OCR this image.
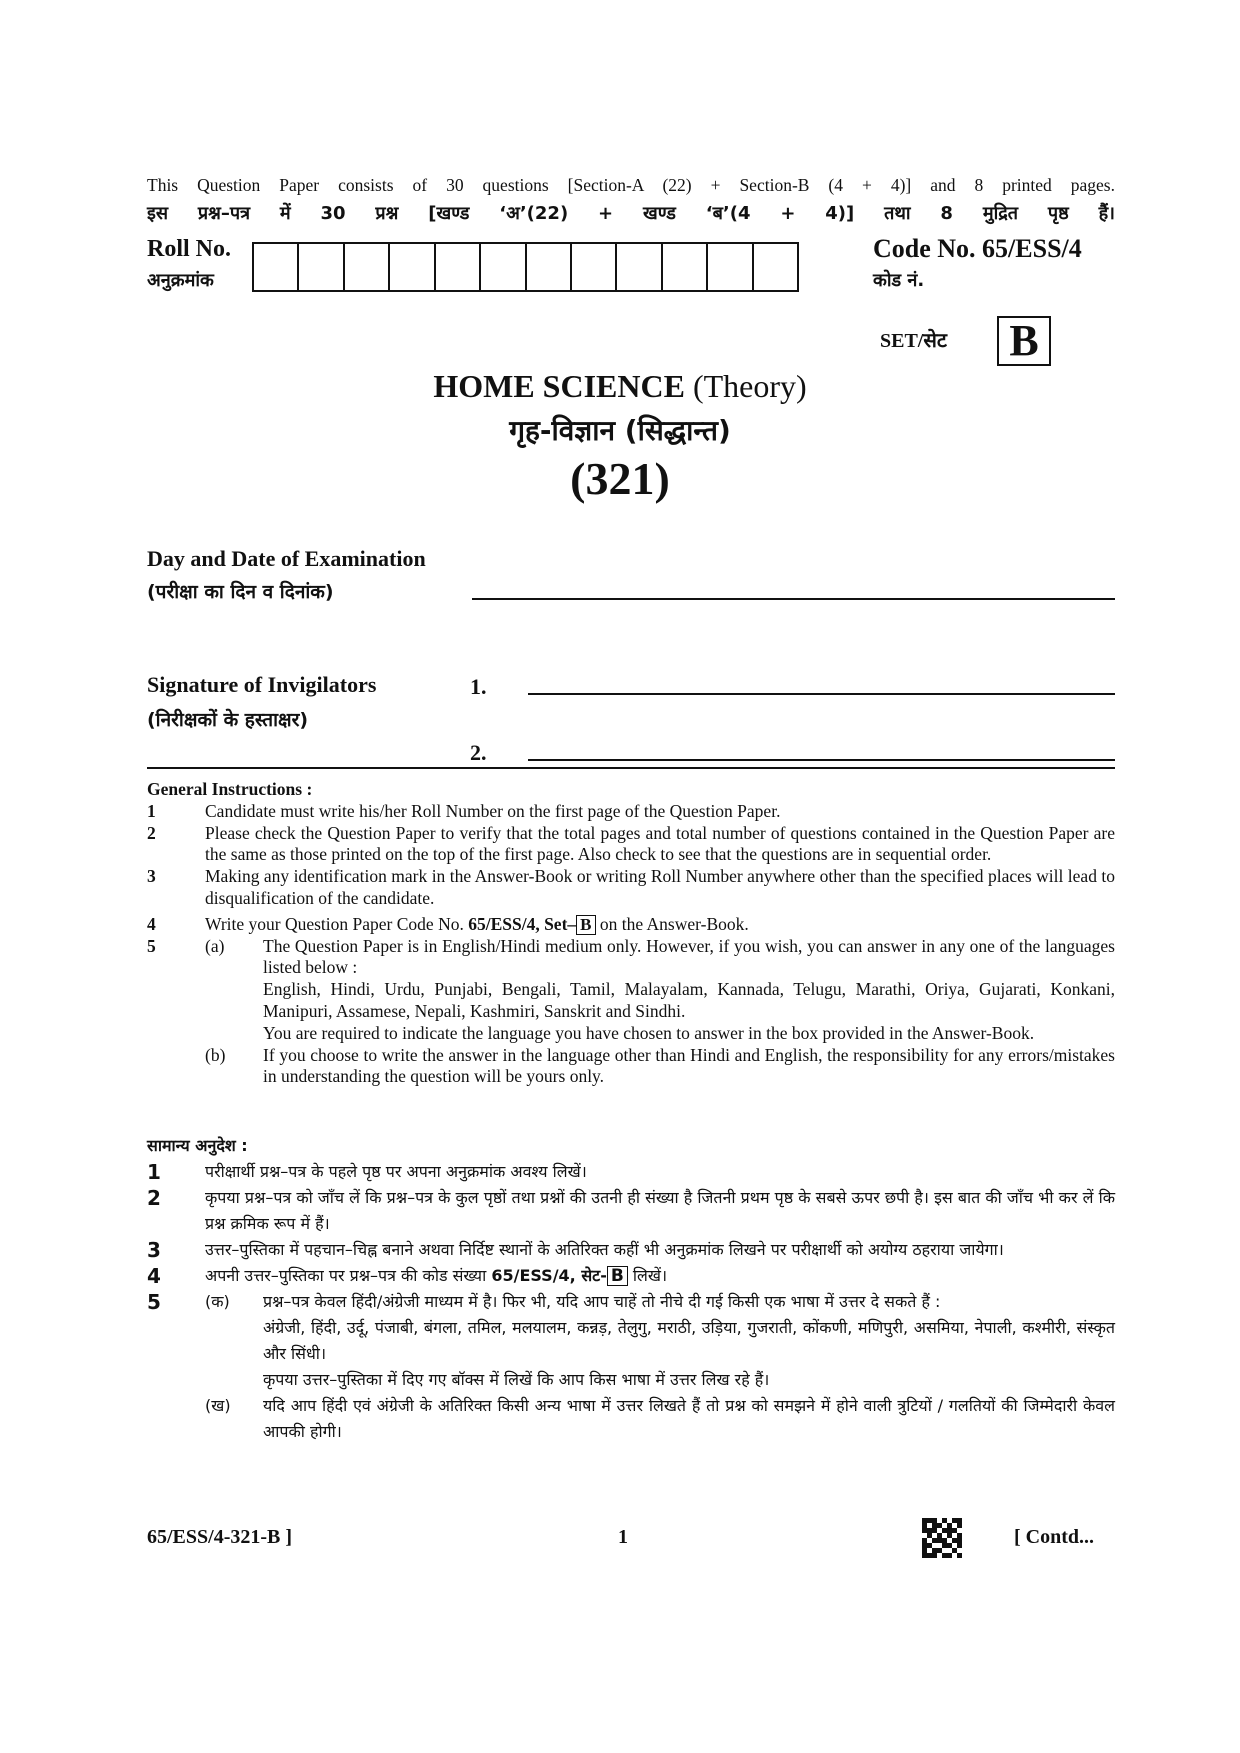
This Question Paper consists of 30 questions [Section-A (22) + Section-B (4 + 4)] and 8 printed pages.
इस प्रश्न–पत्र में 30 प्रश्न [खण्ड ‘अ’(22) + खण्ड ‘ब’(4 + 4)] तथा 8 मुद्रित पृष्ठ हैं।
Roll No.
अनुक्रमांक
Code No. 65/ESS/4
कोड नं.
SET/सेट B
HOME SCIENCE (Theory)
गृह-विज्ञान (सिद्धान्त)
(321)
Day and Date of Examination
(परीक्षा का दिन व दिनांक)
Signature of Invigilators
(निरीक्षकों के हस्ताक्षर)
1.
2.
General Instructions :
1	Candidate must write his/her Roll Number on the first page of the Question Paper.
2	Please check the Question Paper to verify that the total pages and total number of questions contained in the Question Paper are the same as those printed on the top of the first page. Also check to see that the questions are in sequential order.
3	Making any identification mark in the Answer-Book or writing Roll Number anywhere other than the specified places will lead to disqualification of the candidate.
4	Write your Question Paper Code No. 65/ESS/4, Set– B on the Answer-Book.
5	(a)	The Question Paper is in English/Hindi medium only. However, if you wish, you can answer in any one of the languages listed below :
English, Hindi, Urdu, Punjabi, Bengali, Tamil, Malayalam, Kannada, Telugu, Marathi, Oriya, Gujarati, Konkani, Manipuri, Assamese, Nepali, Kashmiri, Sanskrit and Sindhi.
You are required to indicate the language you have chosen to answer in the box provided in the Answer-Book.
(b)	If you choose to write the answer in the language other than Hindi and English, the responsibility for any errors/mistakes in understanding the question will be yours only.
सामान्य अनुदेश :
1	परीक्षार्थी प्रश्न–पत्र के पहले पृष्ठ पर अपना अनुक्रमांक अवश्य लिखें।
2	कृपया प्रश्न–पत्र को जाँच लें कि प्रश्न–पत्र के कुल पृष्ठों तथा प्रश्नों की उतनी ही संख्या है जितनी प्रथम पृष्ठ के सबसे ऊपर छपी है। इस बात की जाँच भी कर लें कि प्रश्न क्रमिक रूप में हैं।
3	उत्तर–पुस्तिका में पहचान–चिह्न बनाने अथवा निर्दिष्ट स्थानों के अतिरिक्त कहीं भी अनुक्रमांक लिखने पर परीक्षार्थी को अयोग्य ठहराया जायेगा।
4	अपनी उत्तर–पुस्तिका पर प्रश्न–पत्र की कोड संख्या 65/ESS/4, सेट- B लिखें।
5	(क)	प्रश्न–पत्र केवल हिंदी/अंग्रेजी माध्यम में है। फिर भी, यदि आप चाहें तो नीचे दी गई किसी एक भाषा में उत्तर दे सकते हैं :
अंग्रेजी, हिंदी, उर्दू, पंजाबी, बंगला, तमिल, मलयालम, कन्नड़, तेलुगु, मराठी, उड़िया, गुजराती, कोंकणी, मणिपुरी, असमिया, नेपाली, कश्मीरी, संस्कृत और सिंधी।
कृपया उत्तर–पुस्तिका में दिए गए बॉक्स में लिखें कि आप किस भाषा में उत्तर लिख रहे हैं।
(ख)	यदि आप हिंदी एवं अंग्रेजी के अतिरिक्त किसी अन्य भाषा में उत्तर लिखते हैं तो प्रश्न को समझने में होने वाली त्रुटियों / गलतियों की जिम्मेदारी केवल आपकी होगी।
65/ESS/4-321-B ]	1	[ Contd...
